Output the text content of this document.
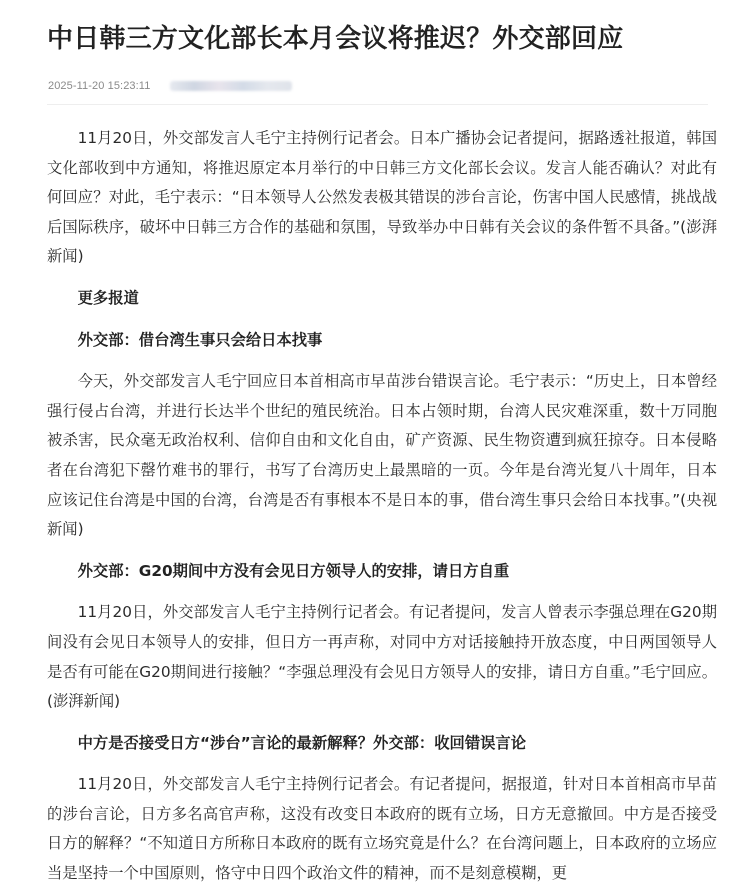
中日韩三方文化部长本月会议将推迟？外交部回应
2025-11-20 15:23:11

11月20日，外交部发言人毛宁主持例行记者会。日本广播协会记者提问，据路透社报道，韩国文化部收到中方通知，将推迟原定本月举行的中日韩三方文化部长会议。发言人能否确认？对此有何回应？对此，毛宁表示：“日本领导人公然发表极其错误的涉台言论，伤害中国人民感情，挑战战后国际秩序，破坏中日韩三方合作的基础和氛围，导致举办中日韩有关会议的条件暂不具备。”(澎湃新闻)

更多报道
外交部：借台湾生事只会给日本找事

今天，外交部发言人毛宁回应日本首相高市早苗涉台错误言论。毛宁表示：“历史上，日本曾经强行侵占台湾，并进行长达半个世纪的殖民统治。日本占领时期，台湾人民灾难深重，数十万同胞被杀害，民众毫无政治权利、信仰自由和文化自由，矿产资源、民生物资遭到疯狂掠夺。日本侵略者在台湾犯下罄竹难书的罪行，书写了台湾历史上最黑暗的一页。今年是台湾光复八十周年，日本应该记住台湾是中国的台湾，台湾是否有事根本不是日本的事，借台湾生事只会给日本找事。”(央视新闻)

外交部：G20期间中方没有会见日方领导人的安排，请日方自重

11月20日，外交部发言人毛宁主持例行记者会。有记者提问，发言人曾表示李强总理在G20期间没有会见日本领导人的安排，但日方一再声称，对同中方对话接触持开放态度，中日两国领导人是否有可能在G20期间进行接触？“李强总理没有会见日方领导人的安排，请日方自重。”毛宁回应。(澎湃新闻)

中方是否接受日方“涉台”言论的最新解释？外交部：收回错误言论

11月20日，外交部发言人毛宁主持例行记者会。有记者提问，据报道，针对日本首相高市早苗的涉台言论，日方多名高官声称，这没有改变日本政府的既有立场，日方无意撤回。中方是否接受日方的解释？“不知道日方所称日本政府的既有立场究竟是什么？在台湾问题上，日本政府的立场应当是坚持一个中国原则，恪守中日四个政治文件的精神，而不是刻意模糊，更
